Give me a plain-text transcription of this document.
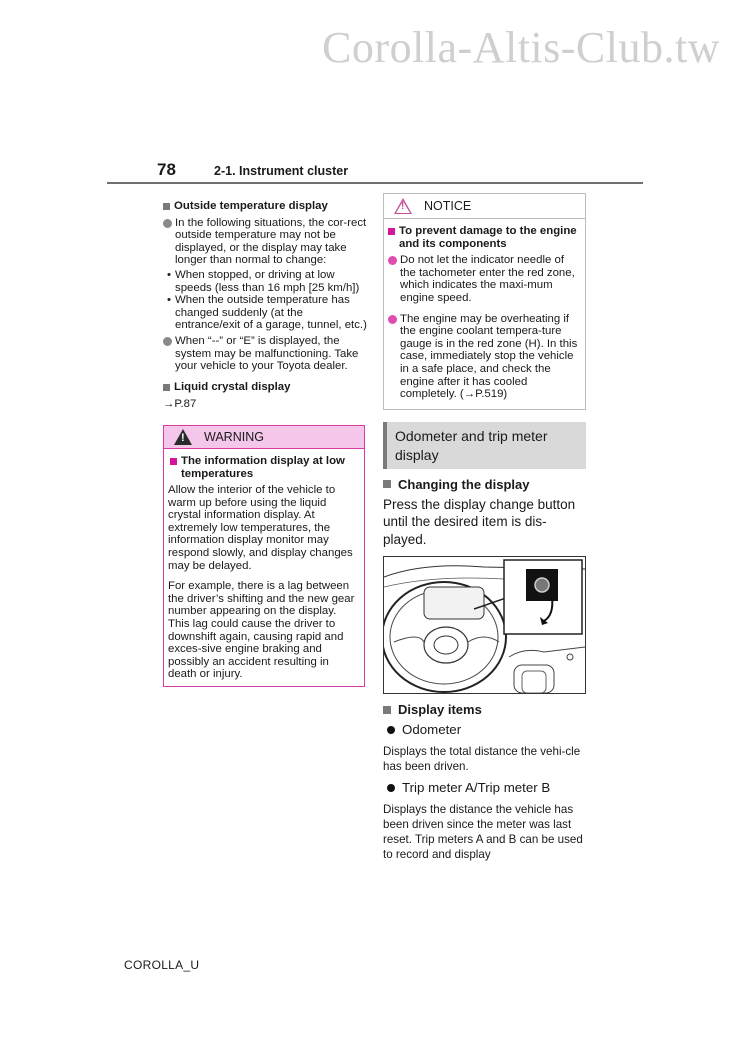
Corolla-Altis-Club.tw
78	2-1. Instrument cluster
Outside temperature display
In the following situations, the cor-rect outside temperature may not be displayed, or the display may take longer than normal to change:
• When stopped, or driving at low speeds (less than 16 mph [25 km/h])
• When the outside temperature has changed suddenly (at the entrance/exit of a garage, tunnel, etc.)
When “--” or “E” is displayed, the system may be malfunctioning. Take your vehicle to your Toyota dealer.
Liquid crystal display
→P.87
!
WARNING
The information display at low temperatures
Allow the interior of the vehicle to warm up before using the liquid crystal information display. At extremely low temperatures, the information display monitor may respond slowly, and display changes may be delayed.
For example, there is a lag between the driver’s shifting and the new gear number appearing on the display. This lag could cause the driver to downshift again, causing rapid and exces-sive engine braking and possibly an accident resulting in death or injury.
!
NOTICE
To prevent damage to the engine and its components
Do not let the indicator needle of the tachometer enter the red zone, which indicates the maxi-mum engine speed.
The engine may be overheating if the engine coolant tempera-ture gauge is in the red zone (H). In this case, immediately stop the vehicle in a safe place, and check the engine after it has cooled completely. (→P.519)
Odometer and trip meter display
Changing the display
Press the display change button until the desired item is dis-played.
Display items
Odometer
Displays the total distance the vehi-cle has been driven.
Trip meter A/Trip meter B
Displays the distance the vehicle has been driven since the meter was last reset. Trip meters A and B can be used to record and display
COROLLA_U
